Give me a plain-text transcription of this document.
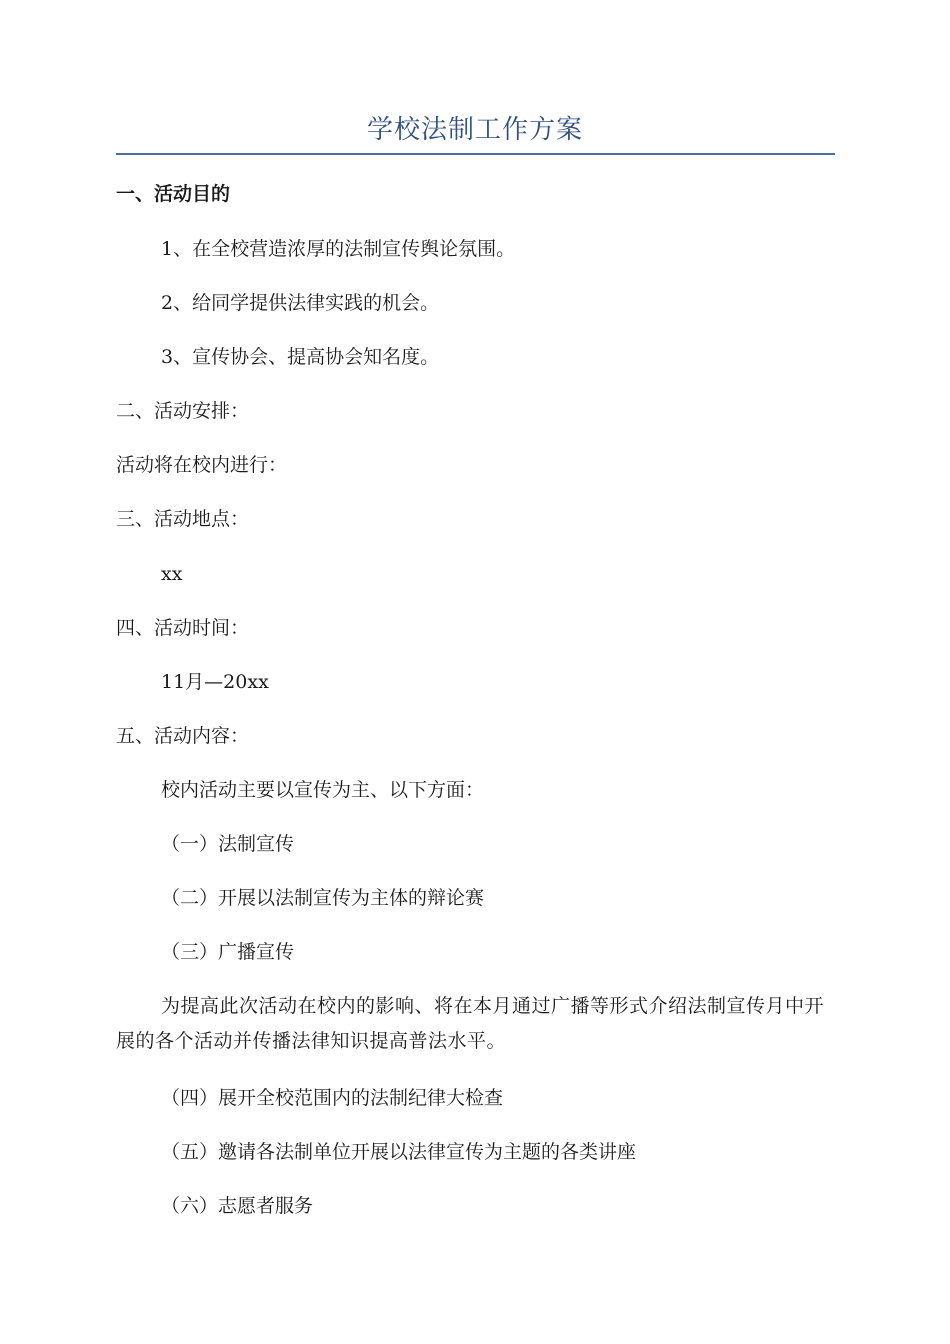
学校法制工作方案
一、活动目的
1、在全校营造浓厚的法制宣传舆论氛围。
2、给同学提供法律实践的机会。
3、宣传协会、提高协会知名度。
二、活动安排：
活动将在校内进行：
三、活动地点：
xx
四、活动时间：
11月—20xx
五、活动内容：
校内活动主要以宣传为主、以下方面：
（一）法制宣传
（二）开展以法制宣传为主体的辩论赛
（三）广播宣传
为提高此次活动在校内的影响、将在本月通过广播等形式介绍法制宣传月中开展的各个活动并传播法律知识提高普法水平。
（四）展开全校范围内的法制纪律大检查
（五）邀请各法制单位开展以法律宣传为主题的各类讲座
（六）志愿者服务
